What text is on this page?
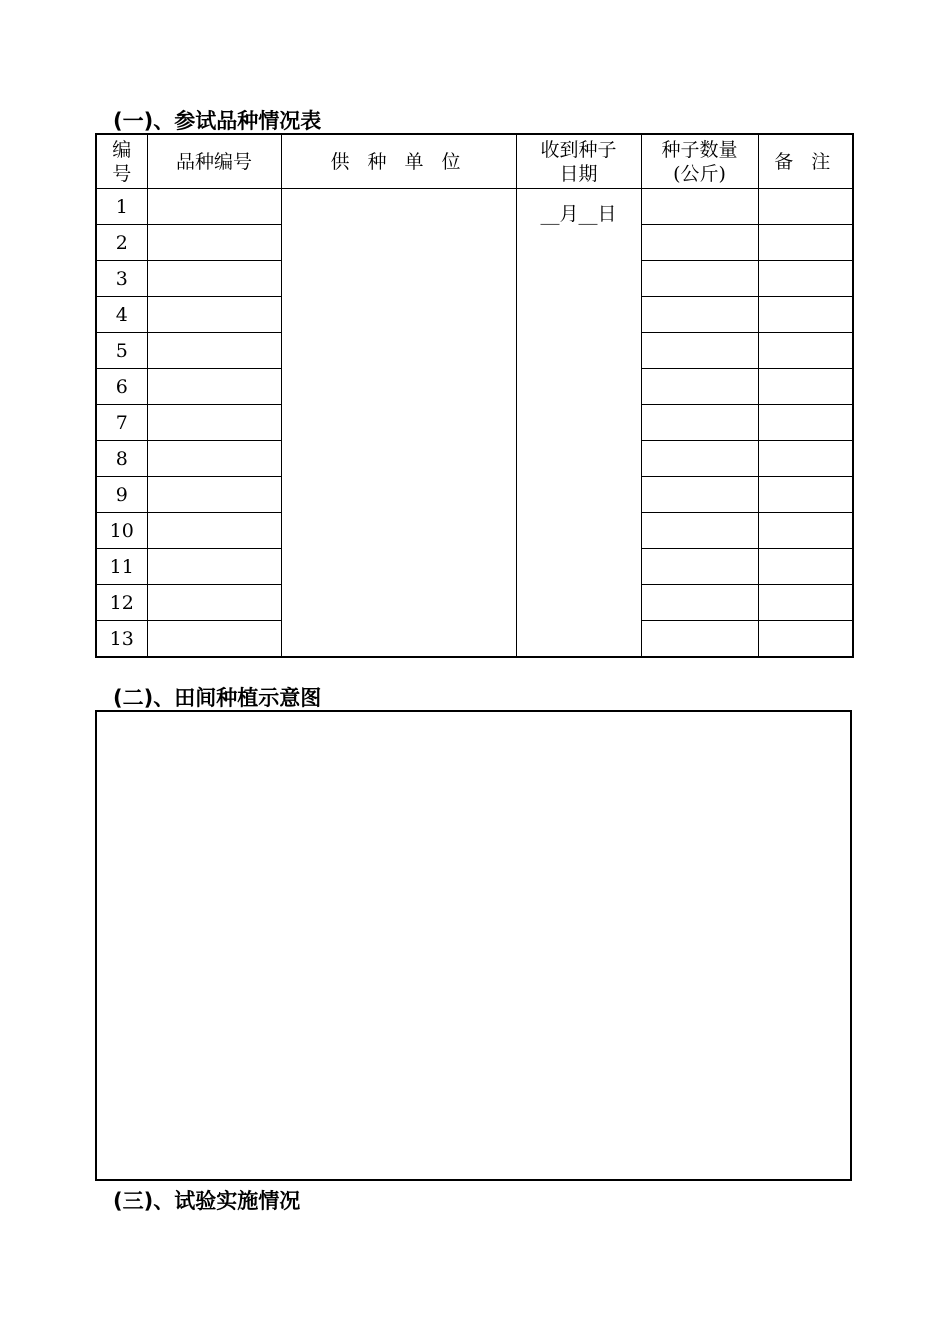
(一)、参试品种情况表
编号	品种编号	供 种 单 位	收到种子日期	种子数量(公斤)	备 注
1			__月__日		
2					
3					
4					
5					
6					
7					
8					
9					
10					
11					
12					
13					
(二)、田间种植示意图
(三)、试验实施情况
